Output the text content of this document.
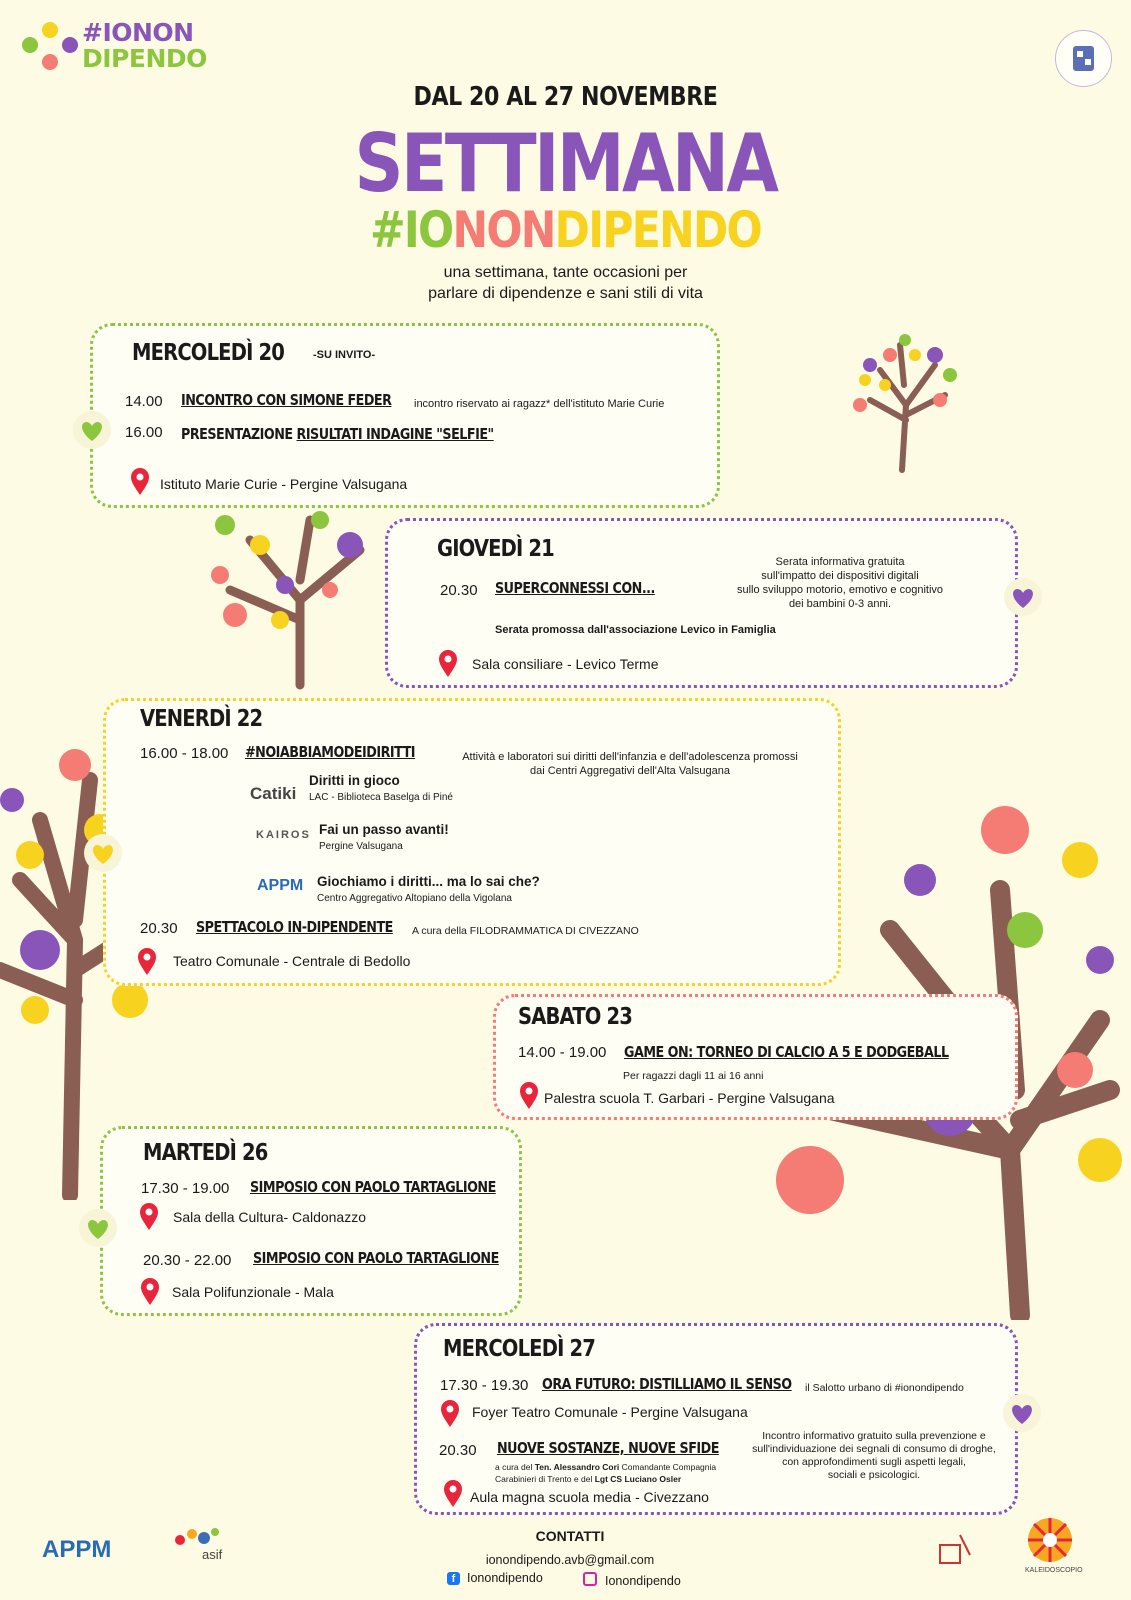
#IONON
DIPENDO
DAL 20 AL 27 NOVEMBRE
SETTIMANA
#IONONDIPENDO
una settimana, tante occasioni per
parlare di dipendenze e sani stili di vita
MERCOLEDÌ 20	-SU INVITO-
14.00 INCONTRO CON SIMONE FEDER incontro riservato ai ragazz* dell'istituto Marie Curie
16.00 PRESENTAZIONE RISULTATI INDAGINE "SELFIE"
Istituto Marie Curie - Pergine Valsugana
GIOVEDÌ 21
20.30 SUPERCONNESSI CON...
Serata informativa gratuita
sull'impatto dei dispositivi digitali
sullo sviluppo motorio, emotivo e cognitivo
dei bambini 0-3 anni.
Serata promossa dall'associazione Levico in Famiglia
Sala consiliare - Levico Terme
VENERDÌ 22
16.00 - 18.00 #NOIABBIAMODEIDIRITTI	Attività e laboratori sui diritti dell'infanzia e dell'adolescenza promossi
dai Centri Aggregativi dell'Alta Valsugana
Catiki
Diritti in gioco
LAC - Biblioteca Baselga di Piné
KAIROS Fai un passo avanti!
Pergine Valsugana
APPM Giochiamo i diritti... ma lo sai che?
Centro Aggregativo Altopiano della Vigolana
20.30 SPETTACOLO IN-DIPENDENTE A cura della FILODRAMMATICA DI CIVEZZANO
Teatro Comunale - Centrale di Bedollo
SABATO 23
14.00 - 19.00 GAME ON: TORNEO DI CALCIO A 5 E DODGEBALL
Per ragazzi dagli 11 ai 16 anni
Palestra scuola T. Garbari - Pergine Valsugana
MARTEDÌ 26
17.30 - 19.00 SIMPOSIO CON PAOLO TARTAGLIONE
Sala della Cultura- Caldonazzo
20.30 - 22.00 SIMPOSIO CON PAOLO TARTAGLIONE
Sala Polifunzionale - Mala
MERCOLEDÌ 27
17.30 - 19.30 ORA FUTURO: DISTILLIAMO IL SENSO il Salotto urbano di #ionondipendo
Foyer Teatro Comunale - Pergine Valsugana
20.30 NUOVE SOSTANZE, NUOVE SFIDE
a cura del Ten. Alessandro Cori Comandante Compagnia
Carabinieri di Trento e del Lgt CS Luciano Osler
Incontro informativo gratuito sulla prevenzione e
sull'individuazione dei segnali di consumo di droghe,
con approfondimenti sugli aspetti legali,
sociali e psicologici.
Aula magna scuola media - Civezzano
APPM	asif
CONTATTI
ionondipendo.avb@gmail.com
f Ionondipendo	Ionondipendo
KALEIDOSCOPIO
